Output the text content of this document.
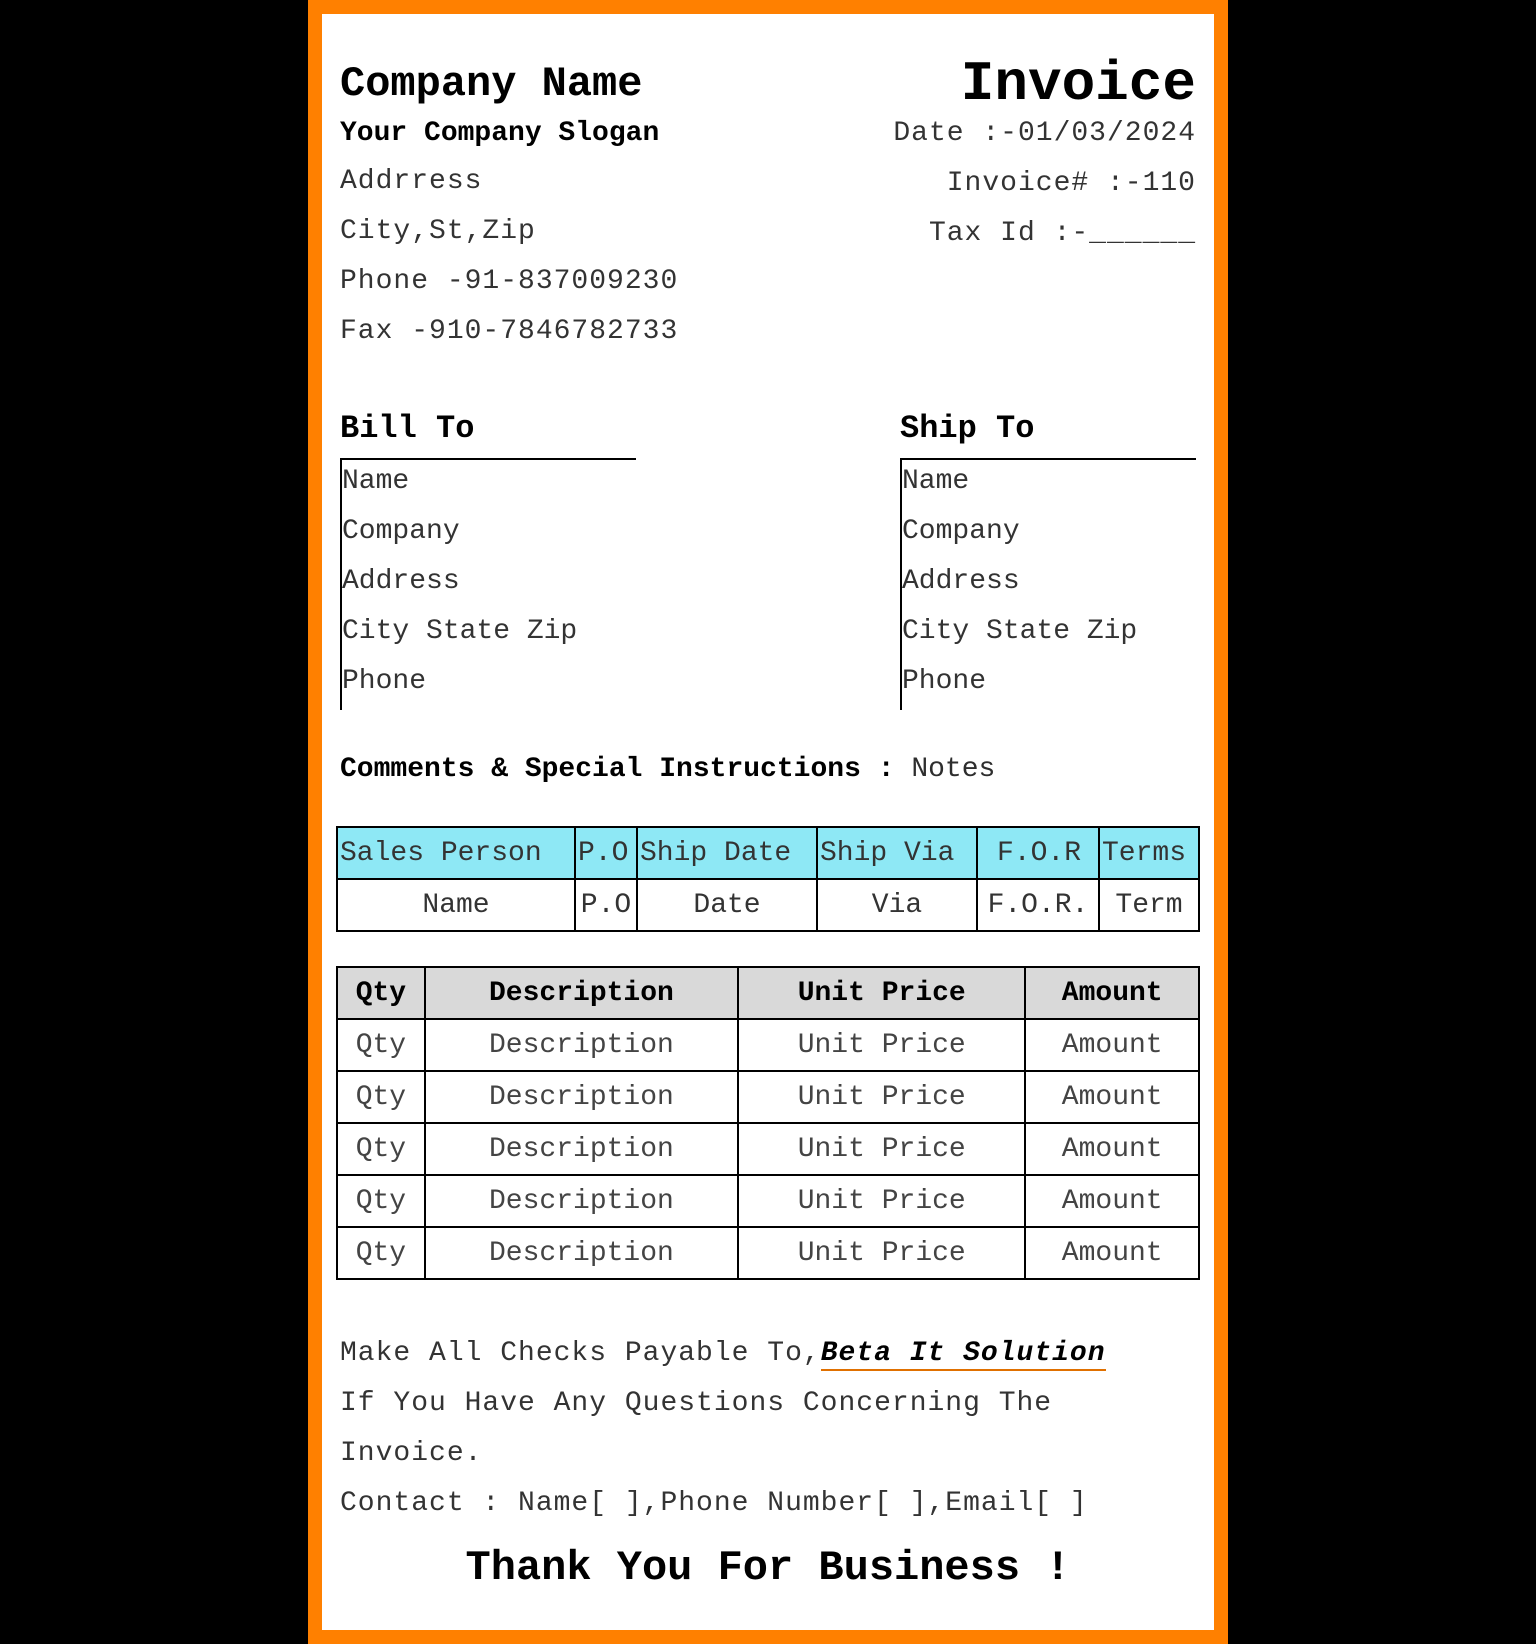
Company Name
Your Company Slogan
Addrress
City,St,Zip
Phone -91-837009230
Fax -910-7846782733
Invoice
Date :-01/03/2024
Invoice# :-110
Tax Id :-______
Bill To
Name
Company
Address
City State Zip
Phone
Ship To
Name
Company
Address
City State Zip
Phone
Comments & Special Instructions : Notes
Sales Person	P.O	Ship Date	Ship Via	F.O.R	Terms
Name	P.O	Date	Via	F.O.R.	Term
Qty	Description	Unit Price	Amount
Qty	Description	Unit Price	Amount
Qty	Description	Unit Price	Amount
Qty	Description	Unit Price	Amount
Qty	Description	Unit Price	Amount
Qty	Description	Unit Price	Amount
Make All Checks Payable To,Beta It Solution
If You Have Any Questions Concerning The
Invoice.
Contact : Name[ ],Phone Number[ ],Email[ ]
Thank You For Business !
